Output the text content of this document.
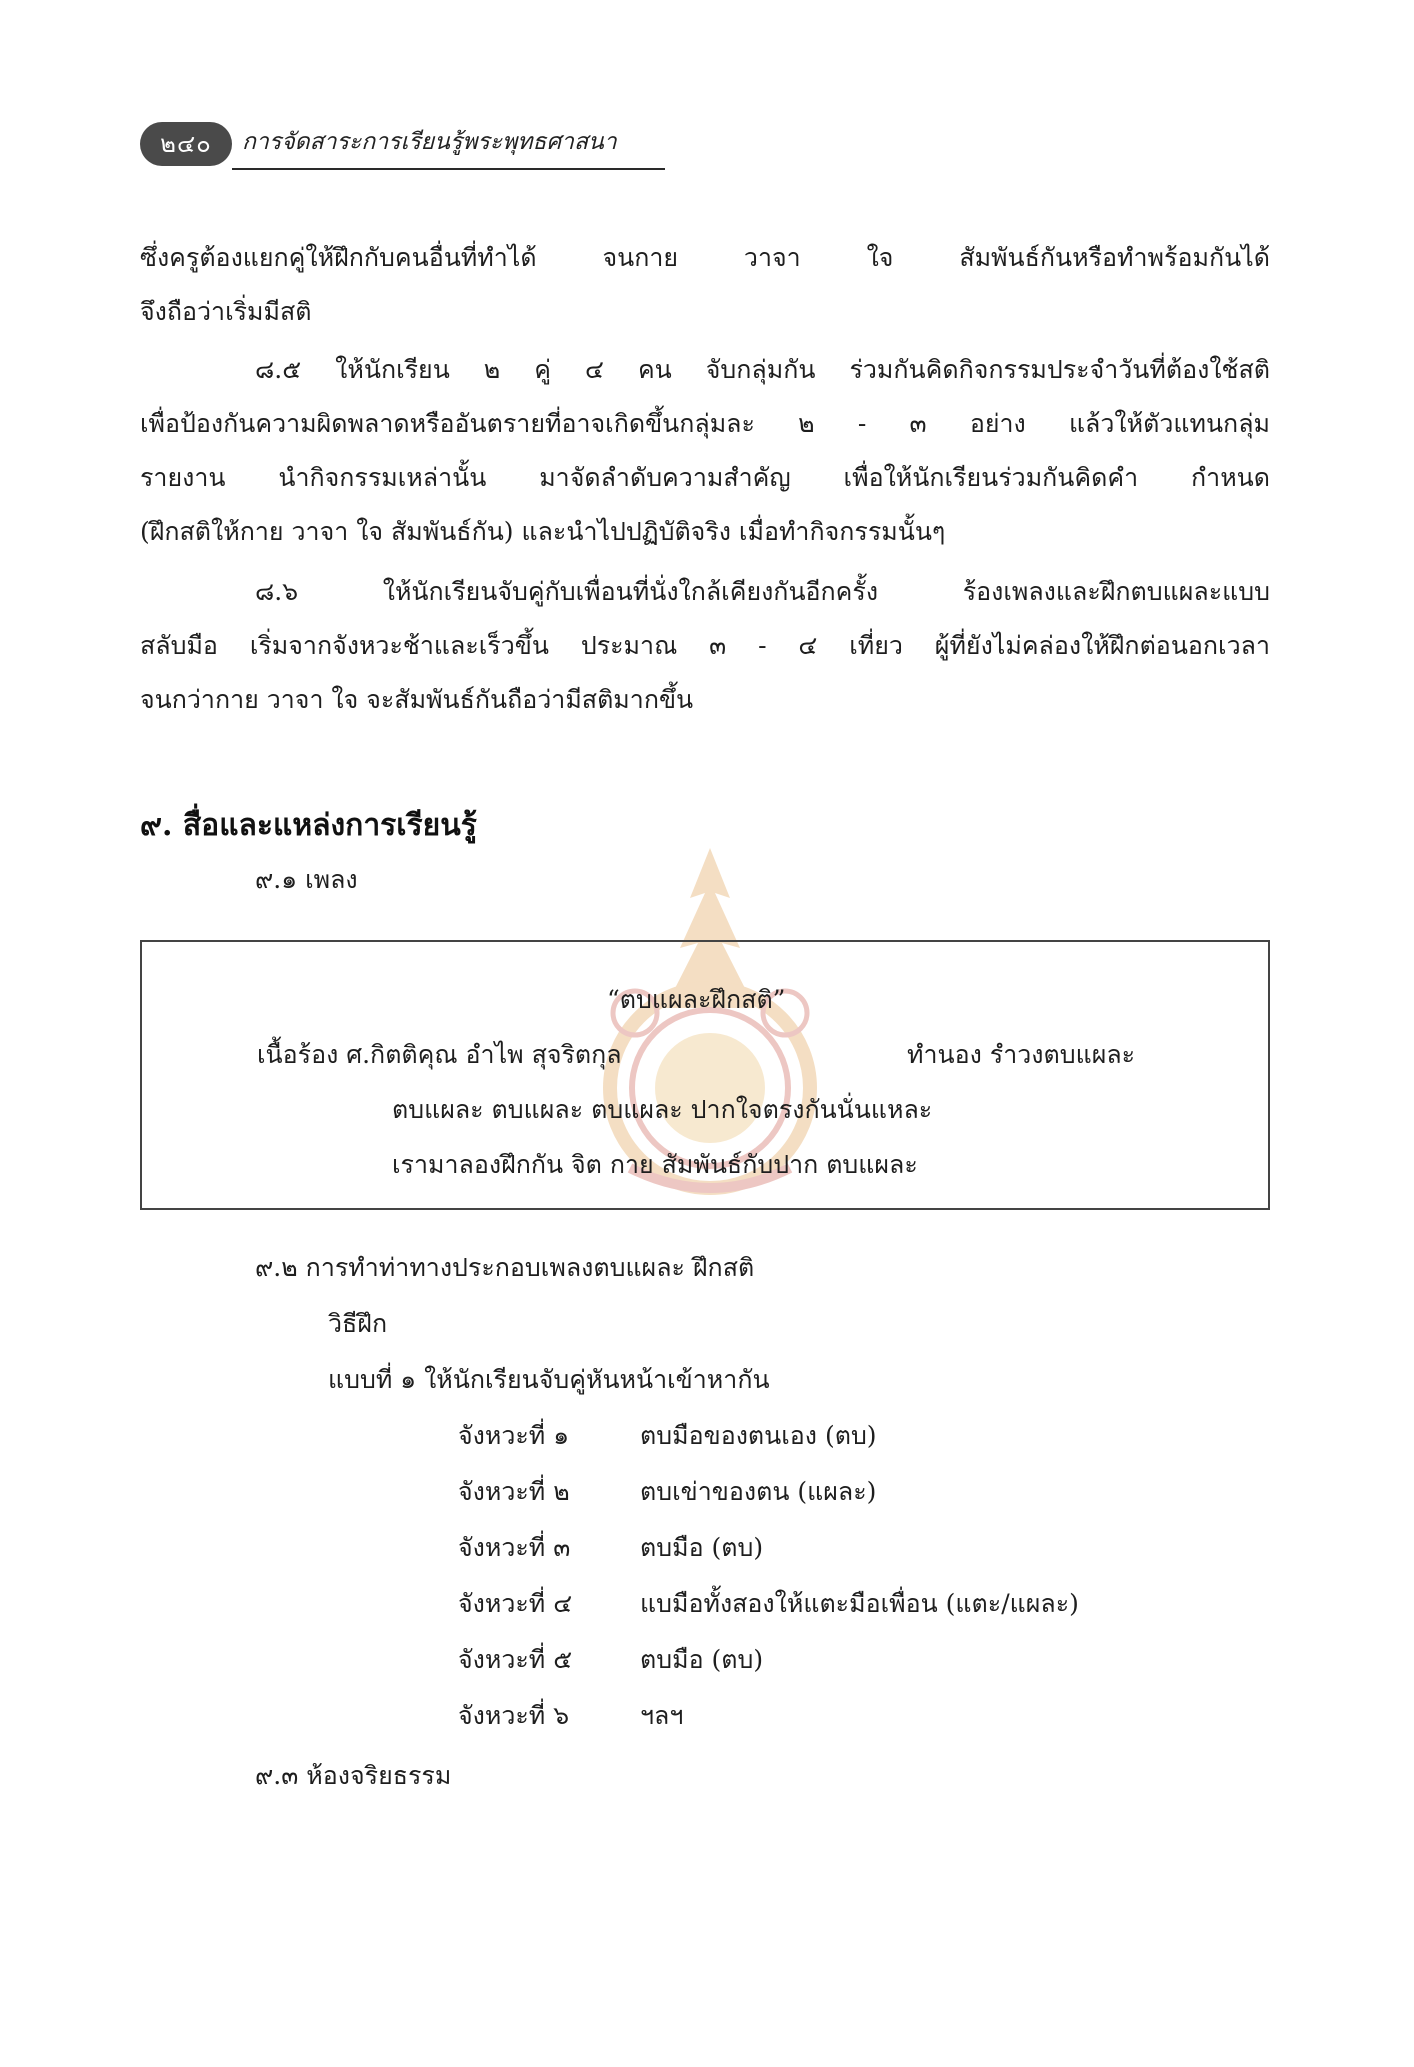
๒๔๐	การจัดสาระการเรียนรู้พระพุทธศาสนา
ซึ่งครูต้องแยกคู่ให้ฝึกกับคนอื่นที่ทำได้ จนกาย วาจา ใจ สัมพันธ์กันหรือทำพร้อมกันได้
จึงถือว่าเริ่มมีสติ
๘.๕ ให้นักเรียน ๒ คู่ ๔ คน จับกลุ่มกัน ร่วมกันคิดกิจกรรมประจำวันที่ต้องใช้สติ
เพื่อป้องกันความผิดพลาดหรืออันตรายที่อาจเกิดขึ้นกลุ่มละ ๒ - ๓ อย่าง แล้วให้ตัวแทนกลุ่ม
รายงาน นำกิจกรรมเหล่านั้น มาจัดลำดับความสำคัญ เพื่อให้นักเรียนร่วมกันคิดคำ กำหนด
(ฝึกสติให้กาย วาจา ใจ สัมพันธ์กัน) และนำไปปฏิบัติจริง เมื่อทำกิจกรรมนั้นๆ
๘.๖ ให้นักเรียนจับคู่กับเพื่อนที่นั่งใกล้เคียงกันอีกครั้ง ร้องเพลงและฝึกตบแผละแบบ
สลับมือ เริ่มจากจังหวะช้าและเร็วขึ้น ประมาณ ๓ - ๔ เที่ยว ผู้ที่ยังไม่คล่องให้ฝึกต่อนอกเวลา
จนกว่ากาย วาจา ใจ จะสัมพันธ์กันถือว่ามีสติมากขึ้น
๙. สื่อและแหล่งการเรียนรู้
๙.๑ เพลง
“ตบแผละฝึกสติ”
เนื้อร้อง ศ.กิตติคุณ อำไพ สุจริตกุล	ทำนอง รำวงตบแผละ
ตบแผละ ตบแผละ ตบแผละ ปากใจตรงกันนั่นแหละ
เรามาลองฝึกกัน จิต กาย สัมพันธ์กับปาก ตบแผละ
๙.๒ การทำท่าทางประกอบเพลงตบแผละ ฝึกสติ
วิธีฝึก
แบบที่ ๑ ให้นักเรียนจับคู่หันหน้าเข้าหากัน
จังหวะที่ ๑	ตบมือของตนเอง (ตบ)
จังหวะที่ ๒	ตบเข่าของตน (แผละ)
จังหวะที่ ๓	ตบมือ (ตบ)
จังหวะที่ ๔	แบมือทั้งสองให้แตะมือเพื่อน (แตะ/แผละ)
จังหวะที่ ๕	ตบมือ (ตบ)
จังหวะที่ ๖	ฯลฯ
๙.๓ ห้องจริยธรรม
